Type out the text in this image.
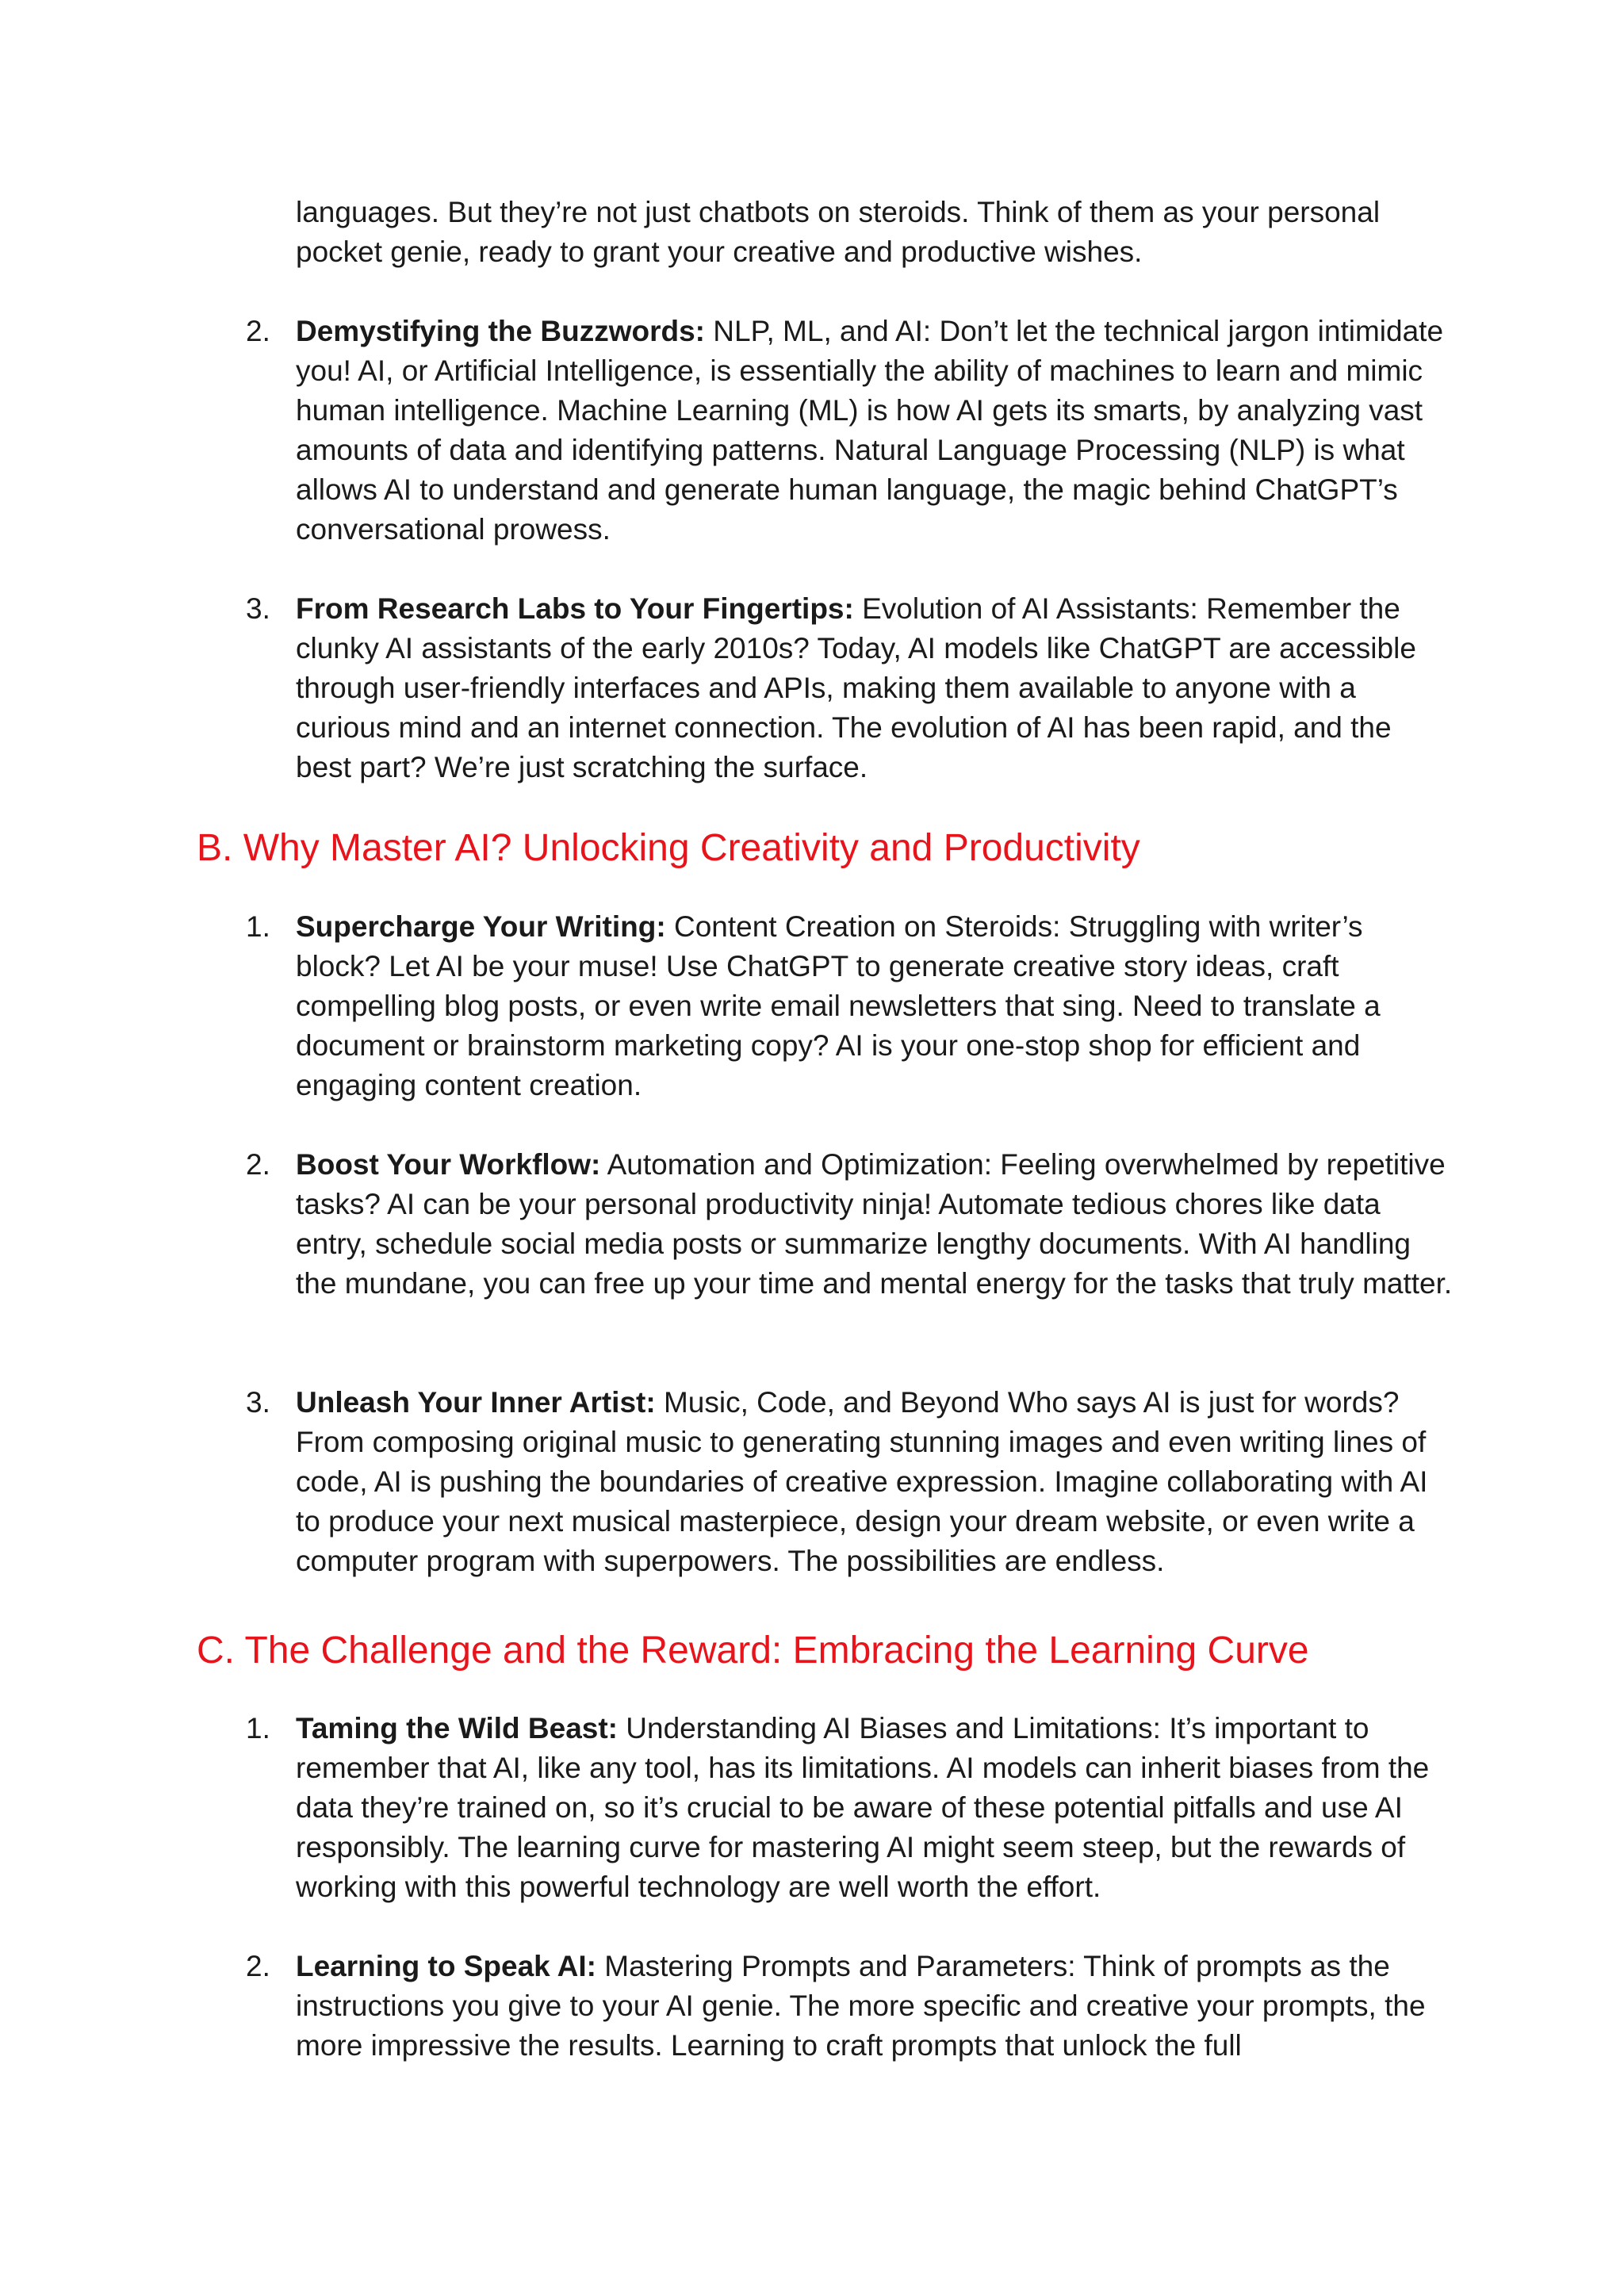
languages. But they’re not just chatbots on steroids. Think of them as your personal pocket genie, ready to grant your creative and productive wishes.

2. Demystifying the Buzzwords: NLP, ML, and AI: Don’t let the technical jargon intimidate you! AI, or Artificial Intelligence, is essentially the ability of machines to learn and mimic human intelligence. Machine Learning (ML) is how AI gets its smarts, by analyzing vast amounts of data and identifying patterns. Natural Language Processing (NLP) is what allows AI to understand and generate human language, the magic behind ChatGPT’s conversational prowess.
3. From Research Labs to Your Fingertips: Evolution of AI Assistants: Remember the clunky AI assistants of the early 2010s? Today, AI models like ChatGPT are accessible through user-friendly interfaces and APIs, making them available to anyone with a curious mind and an internet connection. The evolution of AI has been rapid, and the best part? We’re just scratching the surface.
B. Why Master AI? Unlocking Creativity and Productivity
1. Supercharge Your Writing: Content Creation on Steroids: Struggling with writer’s block? Let AI be your muse! Use ChatGPT to generate creative story ideas, craft compelling blog posts, or even write email newsletters that sing. Need to translate a document or brainstorm marketing copy? AI is your one-stop shop for efficient and engaging content creation.
2. Boost Your Workflow: Automation and Optimization: Feeling overwhelmed by repetitive tasks? AI can be your personal productivity ninja! Automate tedious chores like data entry, schedule social media posts or summarize lengthy documents. With AI handling the mundane, you can free up your time and mental energy for the tasks that truly matter.
3. Unleash Your Inner Artist: Music, Code, and Beyond Who says AI is just for words? From composing original music to generating stunning images and even writing lines of code, AI is pushing the boundaries of creative expression. Imagine collaborating with AI to produce your next musical masterpiece, design your dream website, or even write a computer program with superpowers. The possibilities are endless.
C. The Challenge and the Reward: Embracing the Learning Curve
1. Taming the Wild Beast: Understanding AI Biases and Limitations: It’s important to remember that AI, like any tool, has its limitations. AI models can inherit biases from the data they’re trained on, so it’s crucial to be aware of these potential pitfalls and use AI responsibly. The learning curve for mastering AI might seem steep, but the rewards of working with this powerful technology are well worth the effort.
2. Learning to Speak AI: Mastering Prompts and Parameters: Think of prompts as the instructions you give to your AI genie. The more specific and creative your prompts, the more impressive the results. Learning to craft prompts that unlock the full
